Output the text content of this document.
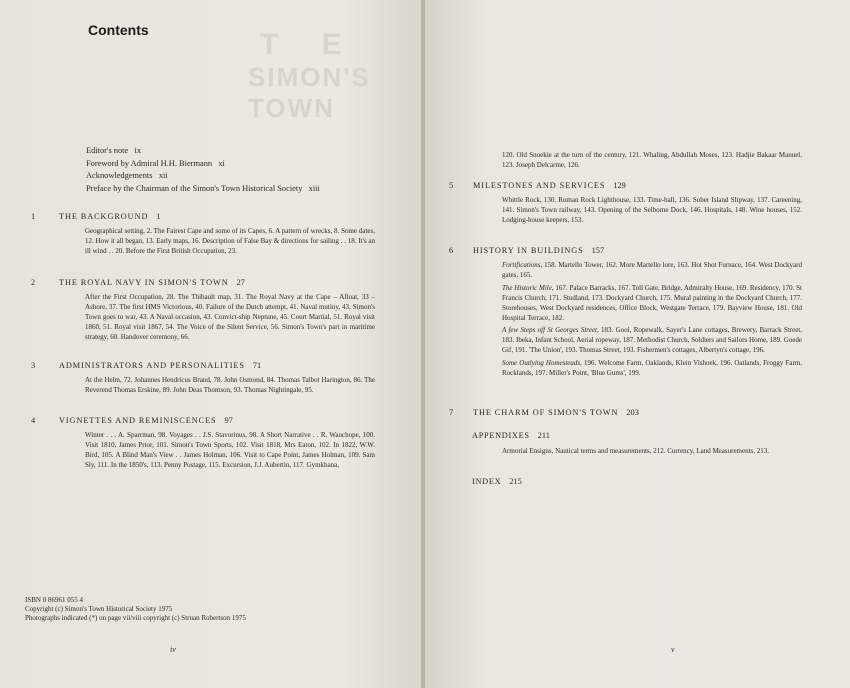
T    E
SIMON'S TOWN
Contents
Editor's note ix
Foreword by Admiral H.H. Biermann xi
Acknowledgements xii
Preface by the Chairman of the Simon's Town Historical Society xiii
1	THE BACKGROUND 1
Geographical setting, 2. The Fairest Cape and some of its Capes, 6. A pattern of wrecks, 8. Some dates, 12. How it all began, 13. Early maps, 16. Description of False Bay & directions for sailing . . 18. It's an ill wind . . 20. Before the First British Occupation, 23.
2	THE ROYAL NAVY IN SIMON'S TOWN 27
After the First Occupation, 28. The Thibault map, 31. The Royal Navy at the Cape – Afloat, 33 – Ashore, 37. The first HMS Victorious, 40. Failure of the Dutch attempt, 41. Naval mutiny, 43. Simon's Town goes to war, 43. A Naval occasion, 43. Convict-ship Neptune, 45. Court Martial, 51. Royal visit 1860, 51. Royal visit 1867, 54. The Voice of the Silent Service, 56. Simon's Town's part in maritime strategy, 60. Handover ceremony, 66.
3	ADMINISTRATORS AND PERSONALITIES 71
At the Helm, 72. Johannes Hendricus Brand, 78. John Osmond, 84. Thomas Talbot Harington, 86. The Reverend Thomas Erskine, 89. John Deas Thomson, 93. Thomas Nightingale, 95.
4	VIGNETTES AND REMINISCENCES 97
Winter . . . A. Sparrman, 98. Voyages . . J.S. Stavorinus, 98. A Short Narrative . . R. Wauchope, 100. Visit 1810, James Prior, 101. Simon's Town Sports, 102. Visit 1818, Mrs Eaton, 102. In 1822, W.W. Bird, 105. A Blind Man's View . . James Holman, 106. Visit to Cape Point, James Holman, 109. Sam Sly, 111. In the 1850's, 113. Penny Postage, 115. Excursion, J.J. Aubertin, 117. Gymkhana,
ISBN 0 86961 055 4
Copyright (c) Simon's Town Historical Society 1975
Photographs indicated (*) on page vii/viii copyright (c) Struan Robertson 1975
iv	v
120. Old Snoekie at the turn of the century, 121. Whaling, Abdullah Moses, 123. Hadjie Bakaar Manuel, 123. Joseph Delcarme, 126.
5 MILESTONES AND SERVICES 129
Whittle Rock, 130. Roman Rock Lighthouse, 133. Time-ball, 136. Sober Island Slipway, 137. Careening, 141. Simon's Town railway, 143. Opening of the Selborne Dock, 146. Hospitals, 148. Wine houses, 152. Lodging-house keepers, 153.
6 HISTORY IN BUILDINGS 157
Fortifications, 158. Martello Tower, 162. More Martello lore, 163. Hot Shot Furnace, 164. West Dockyard gates, 165.
The Historic Mile, 167. Palace Barracks, 167. Toll Gate, Bridge, Admiralty House, 169. Residency, 170. St Francis Church, 171. Studland, 173. Dockyard Church, 175. Mural painting in the Dockyard Church, 177. Storehouses, West Dockyard residences, Office Block, Westgate Terrace, 179. Bayview House, 181. Old Hospital Terrace, 182.
A few Steps off St Georges Street, 183. Gool, Ropewalk, Sayer's Lane cottages, Brewery, Barrack Street, 183. Ibeka, Infant School, Aerial ropeway, 187. Methodist Church, Soldiers and Sailors Home, 189. Goede Gif, 191. 'The Union', 193. Thomas Street, 193. Fishermen's cottages, Albertyn's cottage, 196.
Some Outlying Homesteads, 196. Welcome Farm, Oaklands, Klein Vishoek, 196. Oatlands, Froggy Farm, Rocklands, 197. Miller's Point, 'Blue Gums', 199.
7 THE CHARM OF SIMON'S TOWN 203
APPENDIXES 211
Armorial Ensigns, Nautical terms and measurements, 212. Currency, Land Measurements, 213.
INDEX 215
